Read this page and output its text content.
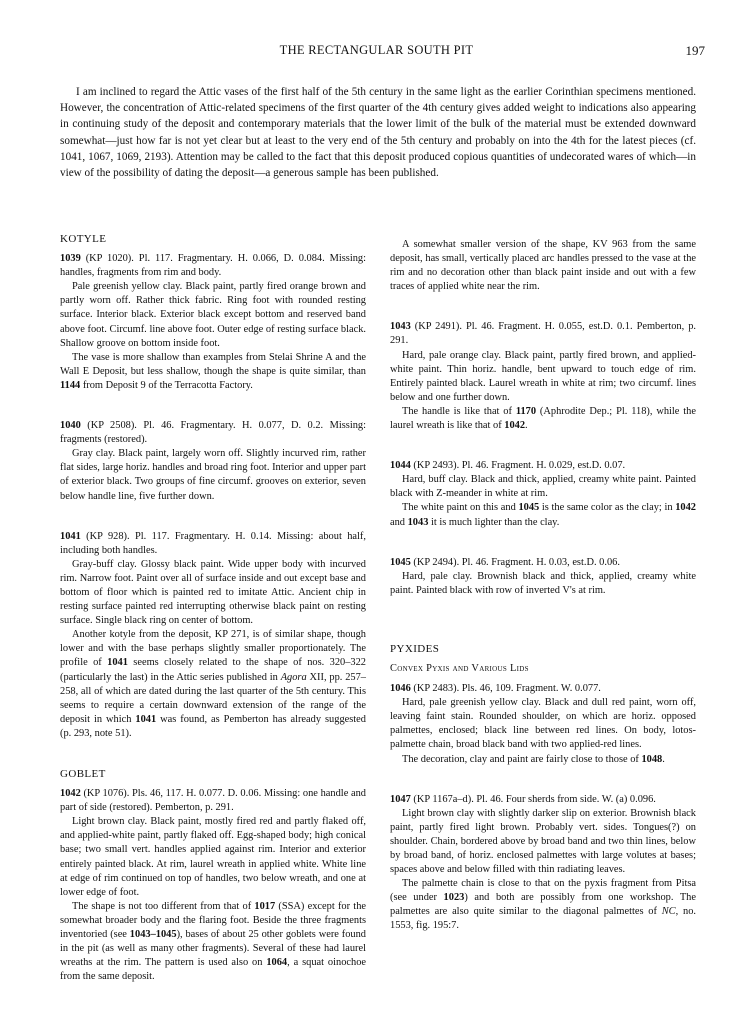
THE RECTANGULAR SOUTH PIT	197

I am inclined to regard the Attic vases of the first half of the 5th century in the same light as the earlier Corinthian specimens mentioned. However, the concentration of Attic-related specimens of the first quarter of the 4th century gives added weight to indications also appearing in continuing study of the deposit and contemporary materials that the lower limit of the bulk of the material must be extended downward somewhat—just how far is not yet clear but at least to the very end of the 5th century and probably on into the 4th for the latest pieces (cf. 1041, 1067, 1069, 2193). Attention may be called to the fact that this deposit produced copious quantities of undecorated wares of which—in view of the possibility of dating the deposit—a generous sample has been published.

KOTYLE

1039 (KP 1020). Pl. 117. Fragmentary. H. 0.066, D. 0.084. Missing: handles, fragments from rim and body.

Pale greenish yellow clay. Black paint, partly fired orange brown and partly worn off. Rather thick fabric. Ring foot with rounded resting surface. Interior black. Exterior black except bottom and reserved band above foot. Circumf. line above foot. Outer edge of resting surface black. Shallow groove on bottom inside foot.

The vase is more shallow than examples from Stelai Shrine A and the Wall E Deposit, but less shallow, though the shape is quite similar, than 1144 from Deposit 9 of the Terracotta Factory.

1040 (KP 2508). Pl. 46. Fragmentary. H. 0.077, D. 0.2. Missing: fragments (restored).

Gray clay. Black paint, largely worn off. Slightly incurved rim, rather flat sides, large horiz. handles and broad ring foot. Interior and upper part of exterior black. Two groups of fine circumf. grooves on exterior, seven below handle line, five further down.

1041 (KP 928). Pl. 117. Fragmentary. H. 0.14. Missing: about half, including both handles.

Gray-buff clay. Glossy black paint. Wide upper body with incurved rim. Narrow foot. Paint over all of surface inside and out except base and bottom of floor which is painted red to imitate Attic. Ancient chip in resting surface painted red interrupting otherwise black paint on resting surface. Single black ring on center of bottom.

Another kotyle from the deposit, KP 271, is of similar shape, though lower and with the base perhaps slightly smaller proportionately. The profile of 1041 seems closely related to the shape of nos. 320–322 (particularly the last) in the Attic series published in Agora XII, pp. 257–258, all of which are dated during the last quarter of the 5th century. This seems to require a certain downward extension of the range of the deposit in which 1041 was found, as Pemberton has already suggested (p. 293, note 51).

GOBLET

1042 (KP 1076). Pls. 46, 117. H. 0.077. D. 0.06. Missing: one handle and part of side (restored). Pemberton, p. 291.

Light brown clay. Black paint, mostly fired red and partly flaked off, and applied-white paint, partly flaked off. Egg-shaped body; high conical base; two small vert. handles applied against rim. Interior and exterior entirely painted black. At rim, laurel wreath in applied white. White line at edge of rim continued on top of handles, two below wreath, and one at lower edge of foot.

The shape is not too different from that of 1017 (SSA) except for the somewhat broader body and the flaring foot. Beside the three fragments inventoried (see 1043–1045), bases of about 25 other goblets were found in the pit (as well as many other fragments). Several of these had laurel wreaths at the rim. The pattern is used also on 1064, a squat oinochoe from the same deposit.

A somewhat smaller version of the shape, KV 963 from the same deposit, has small, vertically placed arc handles pressed to the vase at the rim and no decoration other than black paint inside and out with a few traces of applied white near the rim.

1043 (KP 2491). Pl. 46. Fragment. H. 0.055, est.D. 0.1. Pemberton, p. 291.

Hard, pale orange clay. Black paint, partly fired brown, and applied-white paint. Thin horiz. handle, bent upward to touch edge of rim. Entirely painted black. Laurel wreath in white at rim; two circumf. lines below and one further down.

The handle is like that of 1170 (Aphrodite Dep.; Pl. 118), while the laurel wreath is like that of 1042.

1044 (KP 2493). Pl. 46. Fragment. H. 0.029, est.D. 0.07.

Hard, buff clay. Black and thick, applied, creamy white paint. Painted black with Z-meander in white at rim.

The white paint on this and 1045 is the same color as the clay; in 1042 and 1043 it is much lighter than the clay.

1045 (KP 2494). Pl. 46. Fragment. H. 0.03, est.D. 0.06.

Hard, pale clay. Brownish black and thick, applied, creamy white paint. Painted black with row of inverted V's at rim.

PYXIDES
Convex Pyxis and Various Lids

1046 (KP 2483). Pls. 46, 109. Fragment. W. 0.077.

Hard, pale greenish yellow clay. Black and dull red paint, worn off, leaving faint stain. Rounded shoulder, on which are horiz. opposed palmettes, enclosed; black line between red lines. On body, lotos-palmette chain, broad black band with two applied-red lines.

The decoration, clay and paint are fairly close to those of 1048.

1047 (KP 1167a–d). Pl. 46. Four sherds from side. W. (a) 0.096.

Light brown clay with slightly darker slip on exterior. Brownish black paint, partly fired light brown. Probably vert. sides. Tongues(?) on shoulder. Chain, bordered above by broad band and two thin lines, below by broad band, of horiz. enclosed palmettes with large volutes at bases; spaces above and below filled with thin radiating leaves.

The palmette chain is close to that on the pyxis fragment from Pitsa (see under 1023) and both are possibly from one workshop. The palmettes are also quite similar to the diagonal palmettes of NC, no. 1553, fig. 195:7.
